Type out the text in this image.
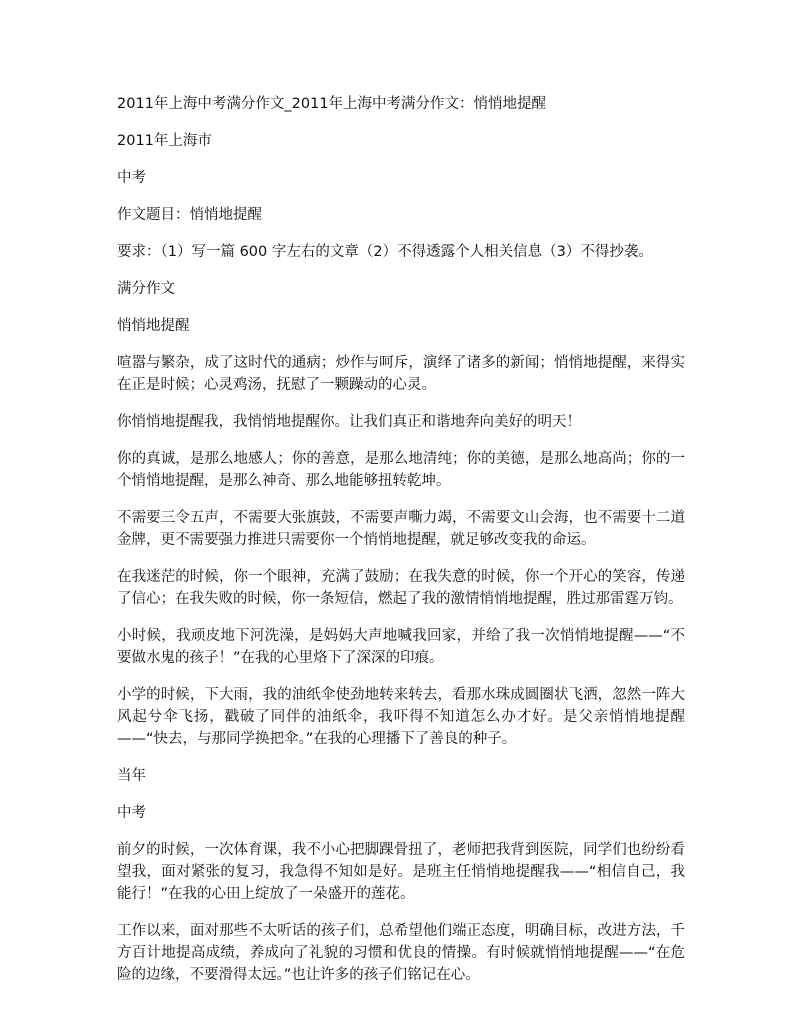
2011年上海中考满分作文_2011年上海中考满分作文：悄悄地提醒

2011年上海市

中考

作文题目：悄悄地提醒

要求：（1）写一篇 600 字左右的文章（2）不得透露个人相关信息（3）不得抄袭。

满分作文

悄悄地提醒

喧嚣与繁杂，成了这时代的通病；炒作与呵斥，演绎了诸多的新闻；悄悄地提醒，来得实在正是时候；心灵鸡汤，抚慰了一颗躁动的心灵。

你悄悄地提醒我，我悄悄地提醒你。让我们真正和谐地奔向美好的明天！

你的真诚，是那么地感人；你的善意，是那么地清纯；你的美德，是那么地高尚；你的一个悄悄地提醒，是那么神奇、那么地能够扭转乾坤。

不需要三令五声，不需要大张旗鼓，不需要声嘶力竭，不需要文山会海，也不需要十二道金牌，更不需要强力推进只需要你一个悄悄地提醒，就足够改变我的命运。

在我迷茫的时候，你一个眼神，充满了鼓励；在我失意的时候，你一个开心的笑容，传递了信心；在我失败的时候，你一条短信，燃起了我的激情悄悄地提醒，胜过那雷霆万钧。

小时候，我顽皮地下河洗澡，是妈妈大声地喊我回家，并给了我一次悄悄地提醒——“不要做水鬼的孩子！”在我的心里烙下了深深的印痕。

小学的时候，下大雨，我的油纸伞使劲地转来转去，看那水珠成圆圈状飞洒，忽然一阵大风起兮伞飞扬，戳破了同伴的油纸伞，我吓得不知道怎么办才好。是父亲悄悄地提醒——“快去，与那同学换把伞。”在我的心理播下了善良的种子。

当年

中考

前夕的时候，一次体育课，我不小心把脚踝骨扭了，老师把我背到医院，同学们也纷纷看望我，面对紧张的复习，我急得不知如是好。是班主任悄悄地提醒我——“相信自己，我能行！”在我的心田上绽放了一朵盛开的莲花。

工作以来，面对那些不太听话的孩子们，总希望他们端正态度，明确目标，改进方法，千方百计地提高成绩，养成向了礼貌的习惯和优良的情操。有时候就悄悄地提醒——“在危险的边缘，不要滑得太远。”也让许多的孩子们铭记在心。
